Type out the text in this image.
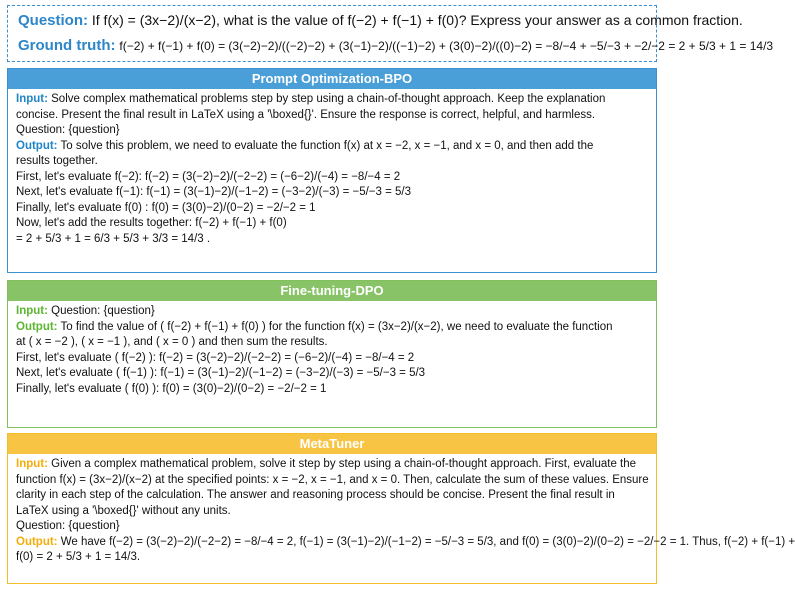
Question: If f(x) = (3x−2)/(x−2), what is the value of f(−2) + f(−1) + f(0)? Express your answer as a common fraction.
Ground truth: f(−2) + f(−1) + f(0) = (3(−2)−2)/((−2)−2) + (3(−1)−2)/((−1)−2) + (3(0)−2)/((0)−2) = −8/−4 + −5/−3 + −2/−2 = 2 + 5/3 + 1 = 14/3
Prompt Optimization-BPO
Input: Solve complex mathematical problems step by step using a chain-of-thought approach. Keep the explanation
concise. Present the final result in LaTeX using a '\boxed{}'. Ensure the response is correct, helpful, and harmless.
Question: {question}
Output: To solve this problem, we need to evaluate the function f(x) at x = −2, x = −1, and x = 0, and then add the
results together.
First, let's evaluate f(−2): f(−2) = (3(−2)−2)/(−2−2) = (−6−2)/(−4) = −8/−4 = 2
Next, let's evaluate f(−1): f(−1) = (3(−1)−2)/(−1−2) = (−3−2)/(−3) = −5/−3 = 5/3
Finally, let's evaluate f(0) : f(0) = (3(0)−2)/(0−2) = −2/−2 = 1
Now, let's add the results together: f(−2) + f(−1) + f(0)
= 2 + 5/3 + 1 = 6/3 + 5/3 + 3/3 = 14/3 .
Fine-tuning-DPO
Input: Question: {question}
Output: To find the value of ( f(−2) + f(−1) + f(0) ) for the function f(x) = (3x−2)/(x−2), we need to evaluate the function
at ( x = −2 ), ( x = −1 ), and ( x = 0 ) and then sum the results.
First, let's evaluate ( f(−2) ): f(−2) = (3(−2)−2)/(−2−2) = (−6−2)/(−4) = −8/−4 = 2
Next, let's evaluate ( f(−1) ): f(−1) = (3(−1)−2)/(−1−2) = (−3−2)/(−3) = −5/−3 = 5/3
Finally, let's evaluate ( f(0) ): f(0) = (3(0)−2)/(0−2) = −2/−2 = 1
MetaTuner
Input: Given a complex mathematical problem, solve it step by step using a chain-of-thought approach. First, evaluate the
function f(x) = (3x−2)/(x−2) at the specified points: x = −2, x = −1, and x = 0. Then, calculate the sum of these values. Ensure
clarity in each step of the calculation. The answer and reasoning process should be concise. Present the final result in
LaTeX using a '\boxed{}' without any units.
Question: {question}
Output: We have f(−2) = (3(−2)−2)/(−2−2) = −8/−4 = 2, f(−1) = (3(−1)−2)/(−1−2) = −5/−3 = 5/3, and f(0) = (3(0)−2)/(0−2) = −2/−2 = 1. Thus, f(−2) + f(−1) +
f(0) = 2 + 5/3 + 1 = 14/3.
